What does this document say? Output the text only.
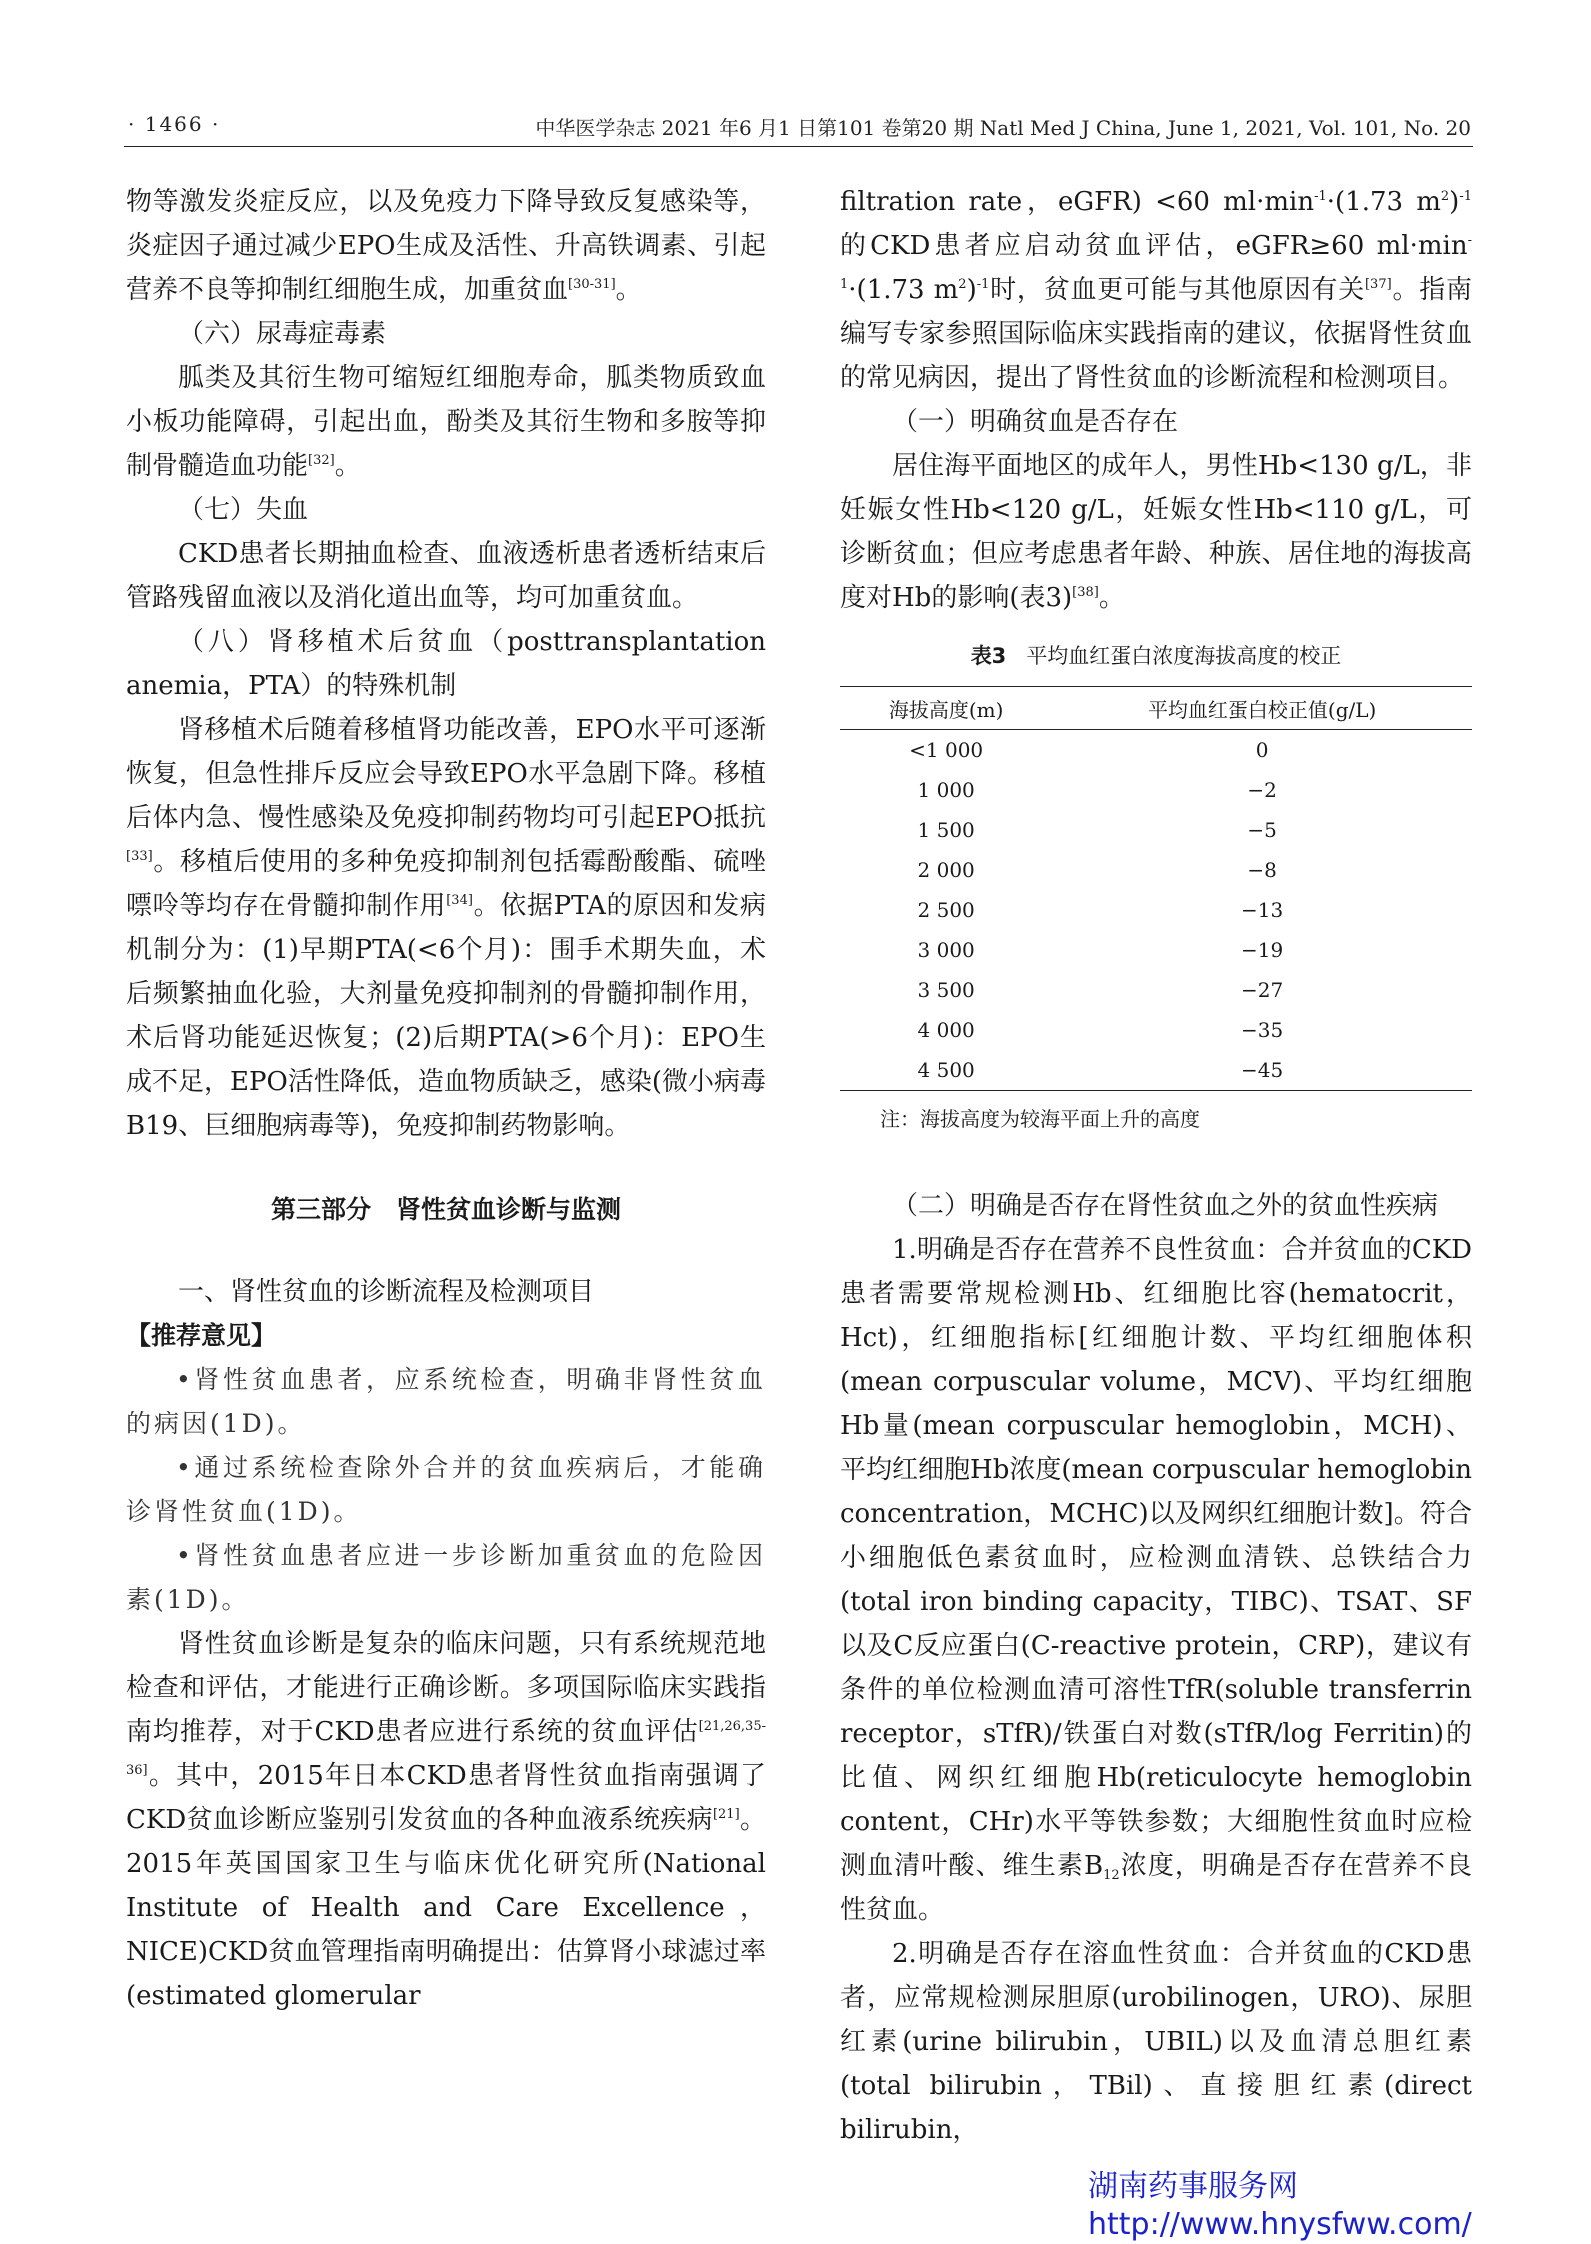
· 1466 ·	中华医学杂志 2021 年6 月1 日第101 卷第20 期 Natl Med J China, June 1, 2021, Vol. 101, No. 20

物等激发炎症反应，以及免疫力下降导致反复感染等，炎症因子通过减少EPO生成及活性、升高铁调素、引起营养不良等抑制红细胞生成，加重贫血[30-31]。

（六）尿毒症毒素

胍类及其衍生物可缩短红细胞寿命，胍类物质致血小板功能障碍，引起出血，酚类及其衍生物和多胺等抑制骨髓造血功能[32]。

（七）失血

CKD患者长期抽血检查、血液透析患者透析结束后管路残留血液以及消化道出血等，均可加重贫血。

（八）肾移植术后贫血（posttransplantation anemia，PTA）的特殊机制

肾移植术后随着移植肾功能改善，EPO水平可逐渐恢复，但急性排斥反应会导致EPO水平急剧下降。移植后体内急、慢性感染及免疫抑制药物均可引起EPO抵抗[33]。移植后使用的多种免疫抑制剂包括霉酚酸酯、硫唑嘌呤等均存在骨髓抑制作用[34]。依据PTA的原因和发病机制分为：(1)早期PTA(<6个月)：围手术期失血，术后频繁抽血化验，大剂量免疫抑制剂的骨髓抑制作用，术后肾功能延迟恢复；(2)后期PTA(>6个月)：EPO生成不足，EPO活性降低，造血物质缺乏，感染(微小病毒B19、巨细胞病毒等)，免疫抑制药物影响。

第三部分　肾性贫血诊断与监测

一、肾性贫血的诊断流程及检测项目

【推荐意见】

•肾性贫血患者，应系统检查，明确非肾性贫血的病因(1D)。

•通过系统检查除外合并的贫血疾病后，才能确诊肾性贫血(1D)。

•肾性贫血患者应进一步诊断加重贫血的危险因素(1D)。

肾性贫血诊断是复杂的临床问题，只有系统规范地检查和评估，才能进行正确诊断。多项国际临床实践指南均推荐，对于CKD患者应进行系统的贫血评估[21,26,35-36]。其中，2015年日本CKD患者肾性贫血指南强调了CKD贫血诊断应鉴别引发贫血的各种血液系统疾病[21]。2015年英国国家卫生与临床优化研究所(National Institute of Health and Care Excellence，NICE)CKD贫血管理指南明确提出：估算肾小球滤过率(estimated glomerular

filtration rate，eGFR) <60 $ml\cdot\min^{-1}\cdot(1.73$ $m^2)^{-1}$ 的CKD患者应启动贫血评估，eGFR≥60 $ml\cdot\min^{-1}\cdot(1.73$ $m^2)^{-1}$时，贫血更可能与其他原因有关[37]。指南编写专家参照国际临床实践指南的建议，依据肾性贫血的常见病因，提出了肾性贫血的诊断流程和检测项目。

（一）明确贫血是否存在

居住海平面地区的成年人，男性Hb<130 g/L，非妊娠女性Hb<120 g/L，妊娠女性Hb<110 g/L，可诊断贫血；但应考虑患者年龄、种族、居住地的海拔高度对Hb的影响(表3)[38]。

表3 平均血红蛋白浓度海拔高度的校正
海拔高度(m)	平均血红蛋白校正值(g/L)
<1 000	0
1 000	−2
1 500	−5
2 000	−8
2 500	−13
3 000	−19
3 500	−27
4 000	−35
4 500	−45
注：海拔高度为较海平面上升的高度

（二）明确是否存在肾性贫血之外的贫血性疾病

1.明确是否存在营养不良性贫血：合并贫血的CKD患者需要常规检测Hb、红细胞比容(hematocrit，Hct)，红细胞指标[红细胞计数、平均红细胞体积(mean corpuscular volume，MCV)、平均红细胞Hb量(mean corpuscular hemoglobin，MCH)、平均红细胞Hb浓度(mean corpuscular hemoglobin concentration，MCHC)以及网织红细胞计数]。符合小细胞低色素贫血时，应检测血清铁、总铁结合力(total iron binding capacity，TIBC)、TSAT、SF以及C反应蛋白(C-reactive protein，CRP)，建议有条件的单位检测血清可溶性TfR(soluble transferrin receptor，sTfR)/铁蛋白对数(sTfR/log Ferritin)的比值、网织红细胞Hb(reticulocyte hemoglobin content，CHr)水平等铁参数；大细胞性贫血时应检测血清叶酸、维生素$B_{12}$浓度，明确是否存在营养不良性贫血。

2.明确是否存在溶血性贫血：合并贫血的CKD患者，应常规检测尿胆原(urobilinogen，URO)、尿胆红素(urine bilirubin，UBIL)以及血清总胆红素(total bilirubin，TBil)、直接胆红素(direct bilirubin，

湖南药事服务网
http://www.hnysfww.com/
